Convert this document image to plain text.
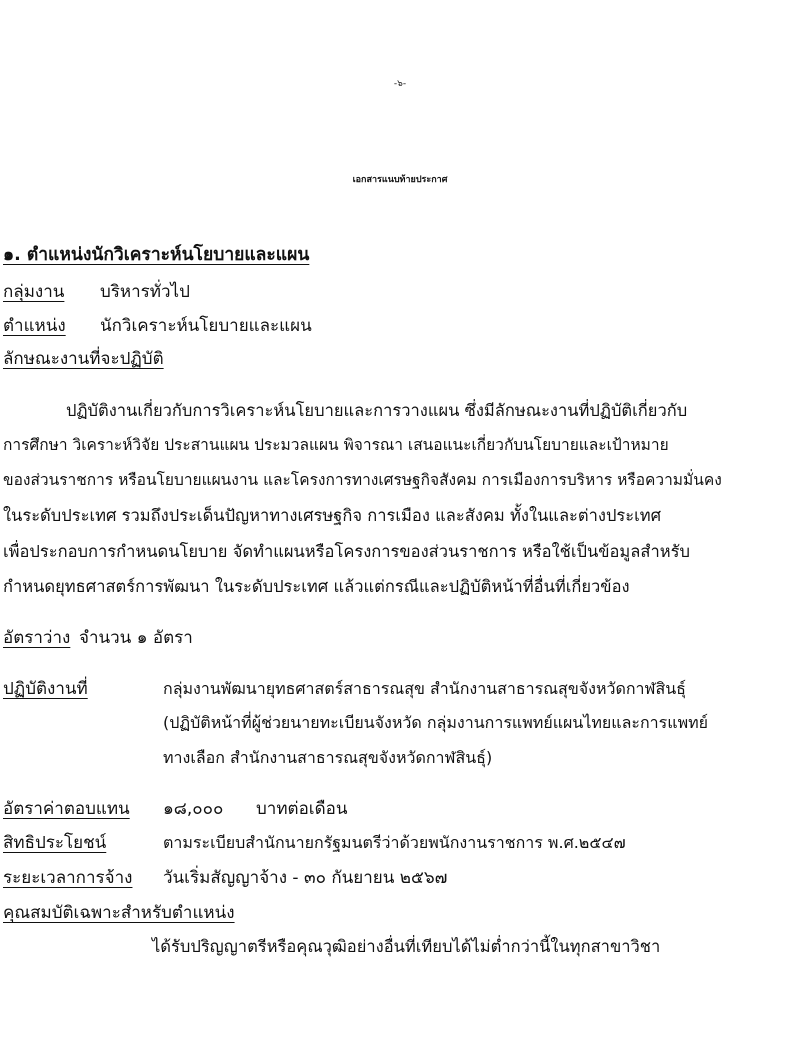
-๖-
เอกสารแนบท้ายประกาศ
๑. ตำแหน่งนักวิเคราะห์นโยบายและแผน
กลุ่มงาน บริหารทั่วไป
ตำแหน่ง นักวิเคราะห์นโยบายและแผน
ลักษณะงานที่จะปฏิบัติ
ปฏิบัติงานเกี่ยวกับการวิเคราะห์นโยบายและการวางแผน ซึ่งมีลักษณะงานที่ปฏิบัติเกี่ยวกับ
การศึกษา วิเคราะห์วิจัย ประสานแผน ประมวลแผน พิจารณา เสนอแนะเกี่ยวกับนโยบายและเป้าหมาย
ของส่วนราชการ หรือนโยบายแผนงาน และโครงการทางเศรษฐกิจสังคม การเมืองการบริหาร หรือความมั่นคง
ในระดับประเทศ รวมถึงประเด็นปัญหาทางเศรษฐกิจ การเมือง และสังคม ทั้งในและต่างประเทศ
เพื่อประกอบการกำหนดนโยบาย จัดทำแผนหรือโครงการของส่วนราชการ หรือใช้เป็นข้อมูลสำหรับ
กำหนดยุทธศาสตร์การพัฒนา ในระดับประเทศ แล้วแต่กรณีและปฏิบัติหน้าที่อื่นที่เกี่ยวข้อง
อัตราว่าง จำนวน ๑ อัตรา
ปฏิบัติงานที่	กลุ่มงานพัฒนายุทธศาสตร์สาธารณสุข สำนักงานสาธารณสุขจังหวัดกาฬสินธุ์
(ปฏิบัติหน้าที่ผู้ช่วยนายทะเบียนจังหวัด กลุ่มงานการแพทย์แผนไทยและการแพทย์
ทางเลือก สำนักงานสาธารณสุขจังหวัดกาฬสินธุ์)
อัตราค่าตอบแทน ๑๘,๐๐๐ บาทต่อเดือน
สิทธิประโยชน์	ตามระเบียบสำนักนายกรัฐมนตรีว่าด้วยพนักงานราชการ พ.ศ.๒๕๔๗
ระยะเวลาการจ้าง วันเริ่มสัญญาจ้าง - ๓๐ กันยายน ๒๕๖๗
คุณสมบัติเฉพาะสำหรับตำแหน่ง
ได้รับปริญญาตรีหรือคุณวุฒิอย่างอื่นที่เทียบได้ไม่ต่ำกว่านี้ในทุกสาขาวิชา
